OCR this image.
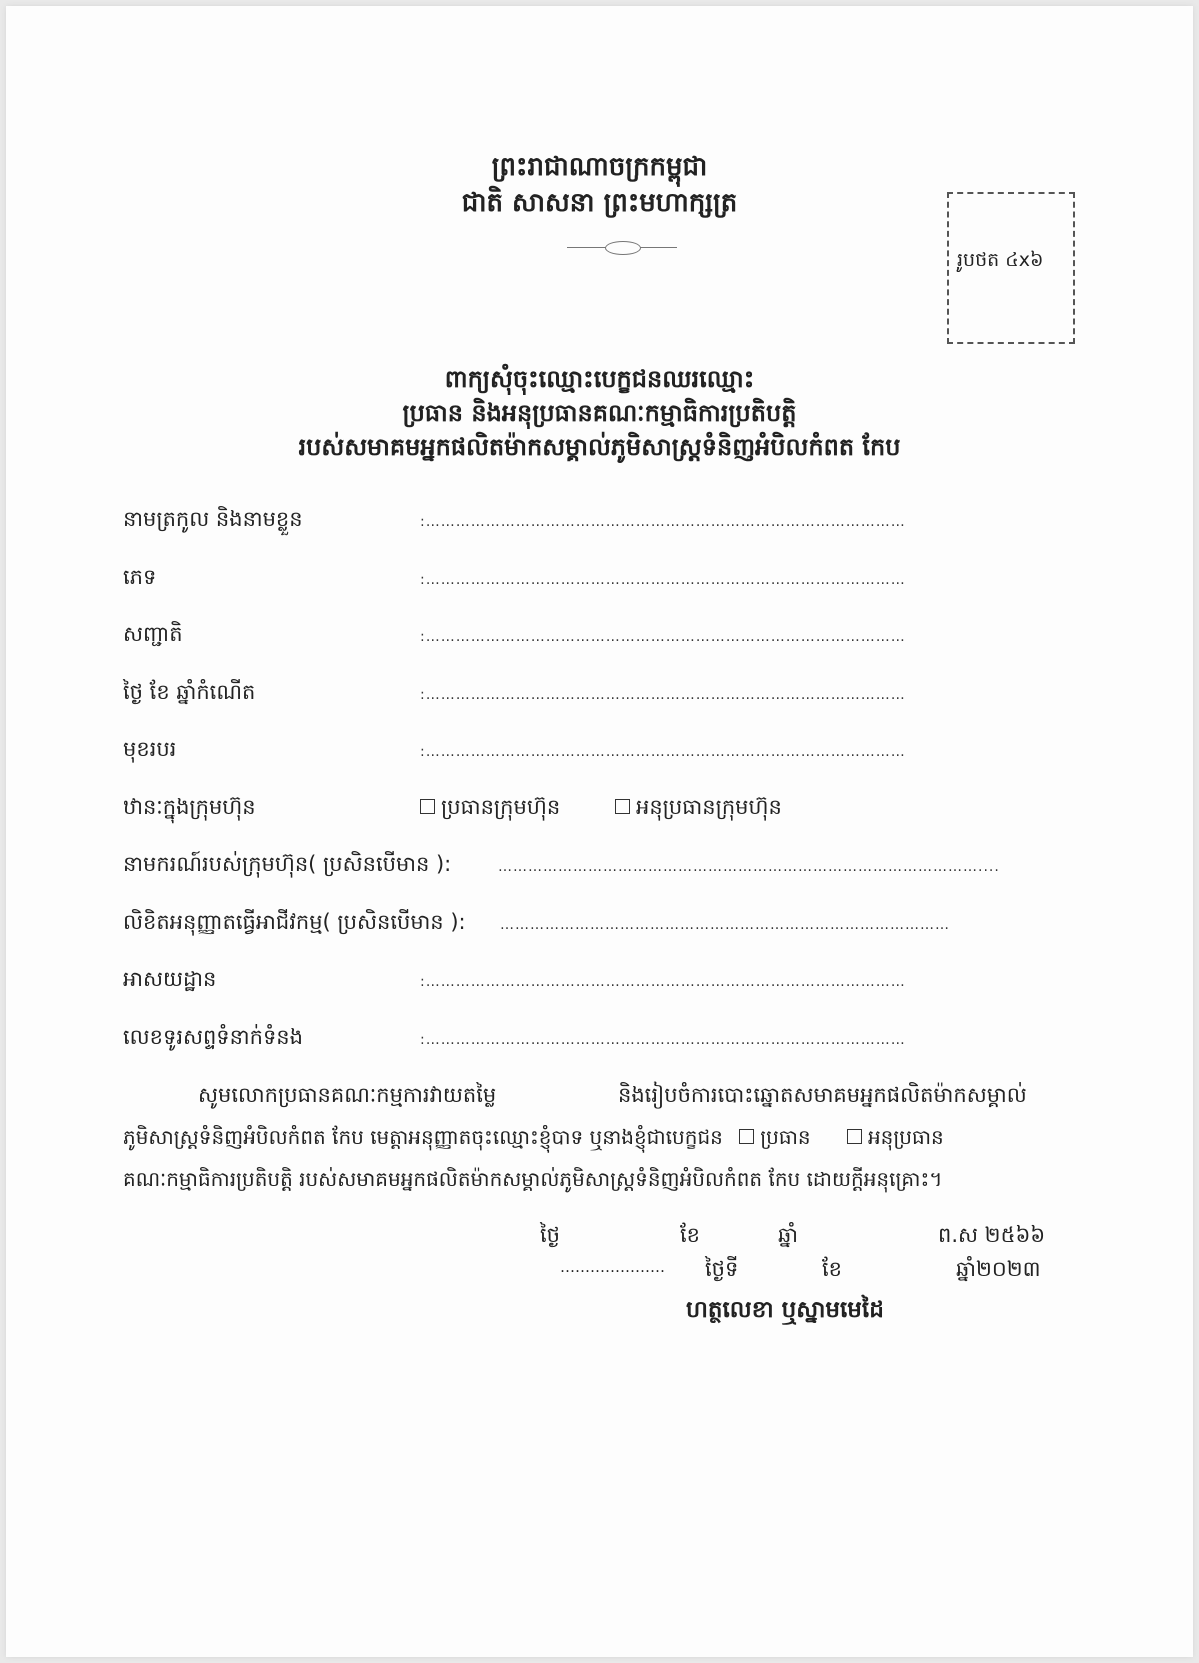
ព្រះរាជាណាចក្រកម្ពុជា
ជាតិ សាសនា ព្រះមហាក្សត្រ
រូបថត ៤x៦
ពាក្យសុំចុះឈ្មោះបេក្ខជនឈរឈ្មោះ
ប្រធាន និងអនុប្រធានគណៈកម្មាធិការប្រតិបត្តិ
របស់សមាគមអ្នកផលិតម៉ាកសម្គាល់ភូមិសាស្ត្រទំនិញអំបិលកំពត កែប
នាមត្រកូល និងនាមខ្លួន	:……………………………………………………………………………………
ភេទ	:……………………………………………………………………………………
សញ្ជាតិ	:……………………………………………………………………………………
ថ្ងៃ ខែ ឆ្នាំកំណើត	:……………………………………………………………………………………
មុខរបរ	:……………………………………………………………………………………
ឋានៈក្នុងក្រុមហ៊ុន	ប្រធានក្រុមហ៊ុន	អនុប្រធានក្រុមហ៊ុន
នាមករណ៍របស់ក្រុមហ៊ុន( ប្រសិនបើមាន ):	……………………………………………………………………………………....
លិខិតអនុញ្ញាតធ្វើអាជីវកម្ម( ប្រសិនបើមាន ): ………………………………………………………………………………
អាសយដ្ឋាន	:……………………………………………………………………………………
លេខទូរសព្ទទំនាក់ទំនង	:……………………………………………………………………………………
សូមលោកប្រធានគណៈកម្មការវាយតម្លៃ	និងរៀបចំការបោះឆ្នោតសមាគមអ្នកផលិតម៉ាកសម្គាល់
ភូមិសាស្ត្រទំនិញអំបិលកំពត កែប មេត្តាអនុញ្ញាតចុះឈ្មោះខ្ញុំបាទ ឬនាងខ្ញុំជាបេក្ខជន ប្រធាន	អនុប្រធាន
គណៈកម្មាធិការប្រតិបត្តិ របស់សមាគមអ្នកផលិតម៉ាកសម្គាល់ភូមិសាស្ត្រទំនិញអំបិលកំពត កែប ដោយក្តីអនុគ្រោះ។
ថ្ងៃ	ខែ	ឆ្នាំ	ព.ស ២៥៦៦
………………… ថ្ងៃទី	ខែ	ឆ្នាំ២០២៣
ហត្ថលេខា ឬស្នាមមេដៃ
